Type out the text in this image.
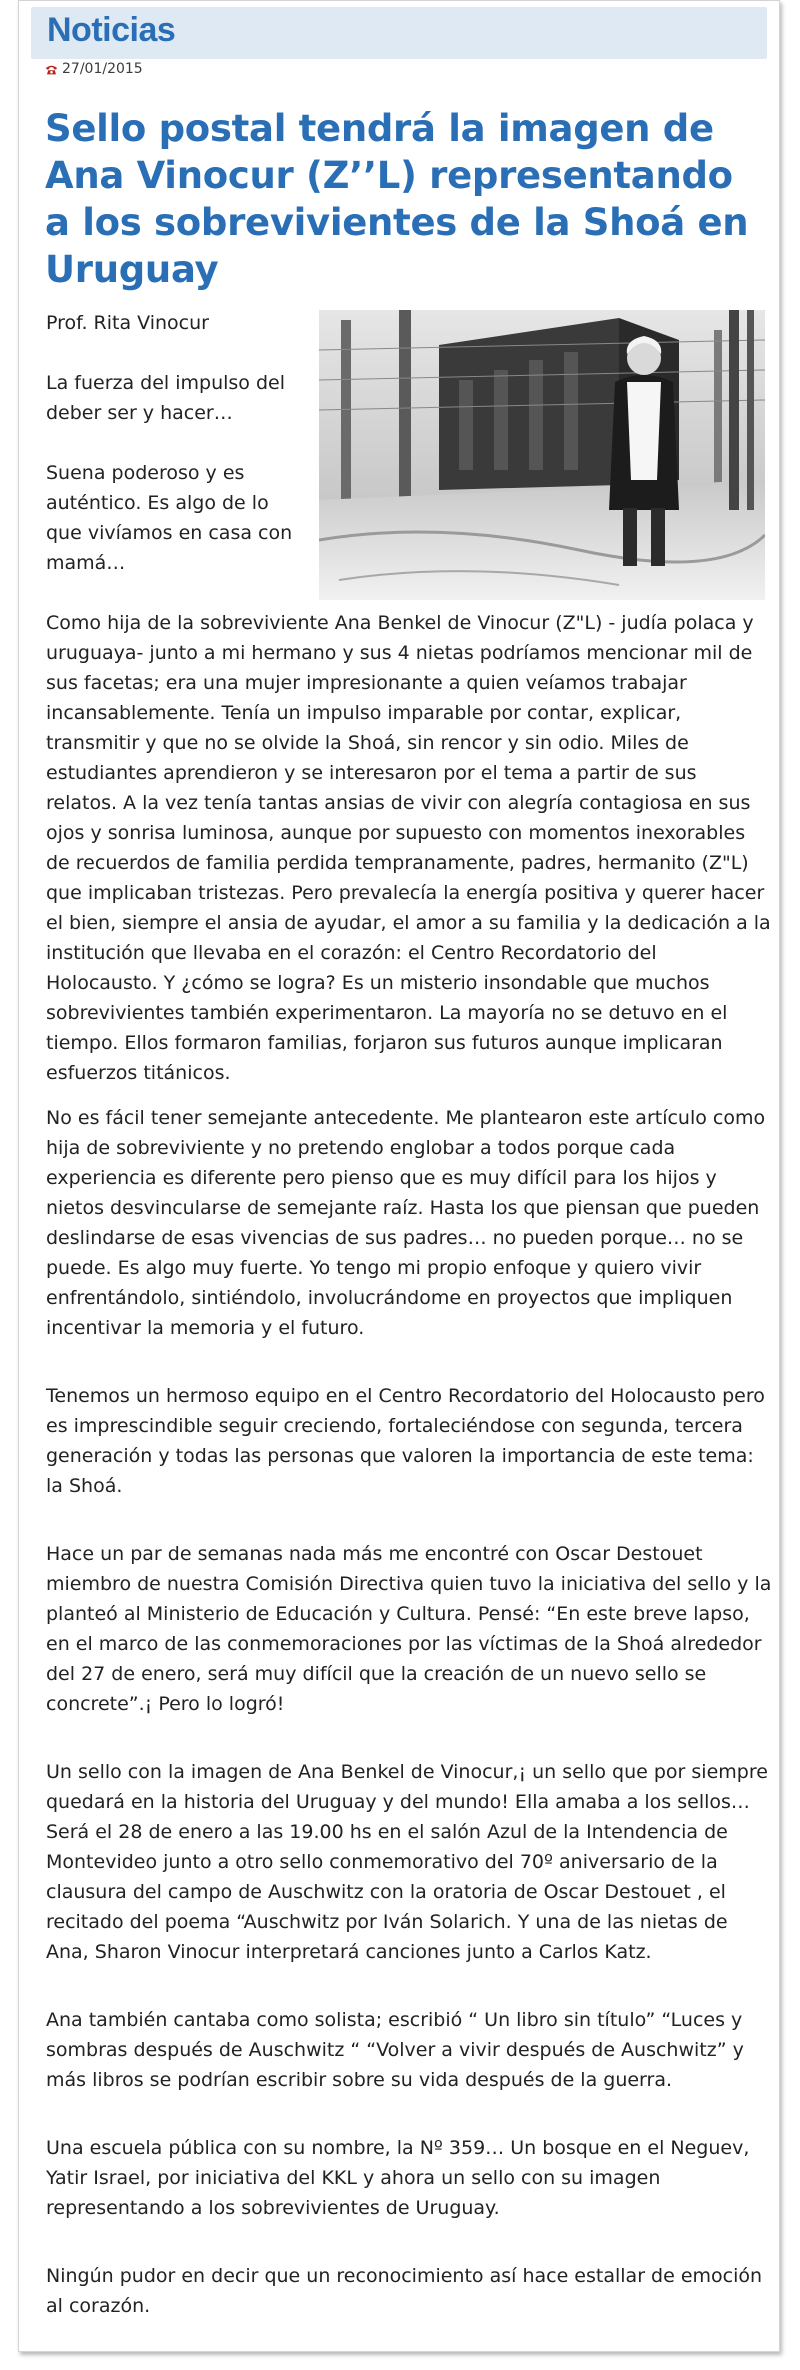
Noticias
27/01/2015
Sello postal tendrá la imagen de Ana Vinocur (Z’’L) representando a los sobrevivientes de la Shoá en Uruguay

Prof. Rita Vinocur

La fuerza del impulso del deber ser y hacer…

Suena poderoso y es auténtico. Es algo de lo que vivíamos en casa con mamá…

Como hija de la sobreviviente Ana Benkel de Vinocur (Z"L) - judía polaca y uruguaya- junto a mi hermano y sus 4 nietas podríamos mencionar mil de sus facetas; era una mujer impresionante a quien veíamos trabajar incansablemente. Tenía un impulso imparable por contar, explicar, transmitir y que no se olvide la Shoá, sin rencor y sin odio. Miles de estudiantes aprendieron y se interesaron por el tema a partir de sus relatos. A la vez tenía tantas ansias de vivir con alegría contagiosa en sus ojos y sonrisa luminosa, aunque por supuesto con momentos inexorables de recuerdos de familia perdida tempranamente, padres, hermanito (Z"L) que implicaban tristezas. Pero prevalecía la energía positiva y querer hacer el bien, siempre el ansia de ayudar, el amor a su familia y la dedicación a la institución que llevaba en el corazón: el Centro Recordatorio del Holocausto. Y ¿cómo se logra? Es un misterio insondable que muchos sobrevivientes también experimentaron. La mayoría no se detuvo en el tiempo. Ellos formaron familias, forjaron sus futuros aunque implicaran esfuerzos titánicos.

No es fácil tener semejante antecedente. Me plantearon este artículo como hija de sobreviviente y no pretendo englobar a todos porque cada experiencia es diferente pero pienso que es muy difícil para los hijos y nietos desvincularse de semejante raíz. Hasta los que piensan que pueden deslindarse de esas vivencias de sus padres… no pueden porque… no se puede. Es algo muy fuerte. Yo tengo mi propio enfoque y quiero vivir enfrentándolo, sintiéndolo, involucrándome en proyectos que impliquen incentivar la memoria y el futuro.

Tenemos un hermoso equipo en el Centro Recordatorio del Holocausto pero es imprescindible seguir creciendo, fortaleciéndose con segunda, tercera generación y todas las personas que valoren la importancia de este tema: la Shoá.

Hace un par de semanas nada más me encontré con Oscar Destouet miembro de nuestra Comisión Directiva quien tuvo la iniciativa del sello y la planteó al Ministerio de Educación y Cultura. Pensé: “En este breve lapso, en el marco de las conmemoraciones por las víctimas de la Shoá alrededor del 27 de enero, será muy difícil que la creación de un nuevo sello se concrete”.¡ Pero lo logró!

Un sello con la imagen de Ana Benkel de Vinocur,¡ un sello que por siempre quedará en la historia del Uruguay y del mundo! Ella amaba a los sellos…Será el 28 de enero a las 19.00 hs en el salón Azul de la Intendencia de Montevideo junto a otro sello conmemorativo del 70º aniversario de la clausura del campo de Auschwitz con la oratoria de Oscar Destouet , el recitado del poema “Auschwitz por Iván Solarich. Y una de las nietas de Ana, Sharon Vinocur interpretará canciones junto a Carlos Katz.

Ana también cantaba como solista; escribió “ Un libro sin título” “Luces y sombras después de Auschwitz “ “Volver a vivir después de Auschwitz” y más libros se podrían escribir sobre su vida después de la guerra.

Una escuela pública con su nombre, la Nº 359… Un bosque en el Neguev, Yatir Israel, por iniciativa del KKL y ahora un sello con su imagen representando a los sobrevivientes de Uruguay.

Ningún pudor en decir que un reconocimiento así hace estallar de emoción al corazón.
